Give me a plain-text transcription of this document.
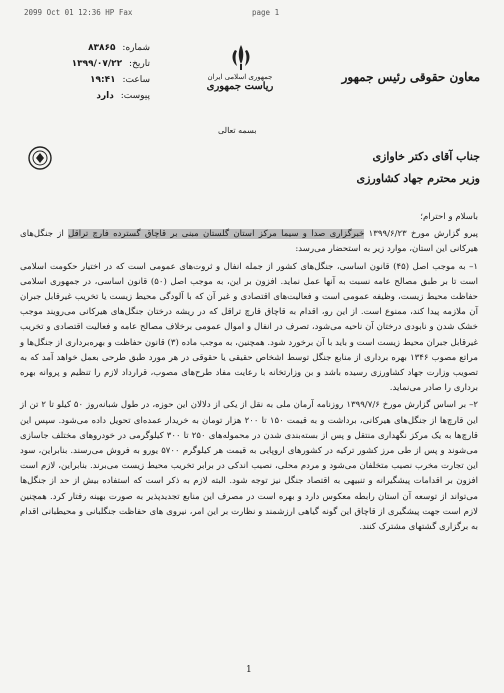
2099 Oct 01 12:36 HP Fax	page 1
شماره: ۸۳۸۶۵
تاریخ: ۱۳۹۹/۰۷/۲۲
ساعت: ۱۹:۴۱
پیوست: دارد
جمهوری اسلامی ایران
ریاست جمهوری
معاون حقوقی رئیس جمهور
بسمه تعالی
جناب آقای دکتر خاوازی
وزیر محترم جهاد کشاورزی

باسلام و احترام؛

پیرو گزارش مورخ ۱۳۹۹/۶/۲۳ خبرگزاری صدا و سیما مرکز استان گلستان مبنی بر قاچاق گسترده فارچ تراقل از جنگل‌های هیرکانی این استان، موارد زیر به استحضار می‌رسد:

۱– به موجب اصل (۴۵) قانون اساسی، جنگل‌های کشور از جمله انفال و ثروت‌های عمومی است که در اختیار حکومت اسلامی است تا بر طبق مصالح عامه نسبت به آنها عمل نماید. افزون بر این، به موجب اصل (۵۰) قانون اساسی، در جمهوری اسلامی حفاظت محیط زیست، وظیفه عمومی است و فعالیت‌های اقتصادی و غیر آن که با آلودگی محیط زیست یا تخریب غیرقابل جبران آن ملازمه پیدا کند، ممنوع است. از این رو، اقدام به قاچاق قارچ تراقل که در ریشه درختان جنگل‌های هیرکانی می‌رویند موجب خشک شدن و نابودی درختان آن ناحیه می‌شود، تصرف در انفال و اموال عمومی برخلاف مصالح عامه و فعالیت اقتصادی و تخریب غیرقابل جبران محیط زیست است و باید با آن برخورد شود. همچنین، به موجب ماده (۳) قانون حفاظت و بهره‌برداری از جنگل‌ها و مراتع مصوب ۱۳۴۶ بهره برداری از منابع جنگل توسط اشخاص حقیقی یا حقوقی در هر مورد طبق طرحی بعمل خواهد آمد که به تصویب وزارت جهاد کشاورزی رسیده باشد و بن وزارتخانه با رعایت مفاد طرح‌های مصوب، قرارداد لازم را تنظیم و پروانه بهره برداری را صادر می‌نماید.

۲– بر اساس گزارش مورخ ۱۳۹۹/۷/۶ روزنامه آرمان ملی به نقل از یکی از دلالان این حوزه، در طول شبانه‌روز ۵۰ کیلو تا ۲ تن از این قارچ‌ها از جنگل‌های هیرکانی، برداشت و به قیمت ۱۵۰ تا ۲۰۰ هزار تومان به خریدار عمده‌ای تحویل داده می‌شود. سپس این قارچ‌ها به یک مرکز نگهداری منتقل و پس از بسته‌بندی شدن در محموله‌های ۲۵۰ تا ۳۰۰ کیلوگرمی در خودروهای مختلف جاسازی می‌شوند و پس از طی مرز کشور ترکیه در کشورهای اروپایی به قیمت هر کیلوگرم ۵۷۰۰ یورو به فروش می‌رسند. بنابراین، سود این تجارت مخرب نصیب متخلفان می‌شود و مردم محلی، نصیب اندکی در برابر تخریب محیط زیست می‌برند. بنابراین، لازم است افزون بر اقدامات پیشگیرانه و تنبیهی به اقتصاد جنگل نیز توجه شود. البته لازم به ذکر است که استفاده بیش از حد از جنگل‌ها می‌تواند از توسعه آن استان رابطه معکوس دارد و بهره است در مصرف این منابع تجدیدپذیر به صورت بهینه رفتار کرد. همچنین لازم است جهت پیشگیری از قاچاق این گونه گیاهی ارزشمند و نظارت بر این امر، نیروی های حفاظت جنگلبانی و محیطبانی اقدام به برگزاری گشتهای مشترک کنند.

1
